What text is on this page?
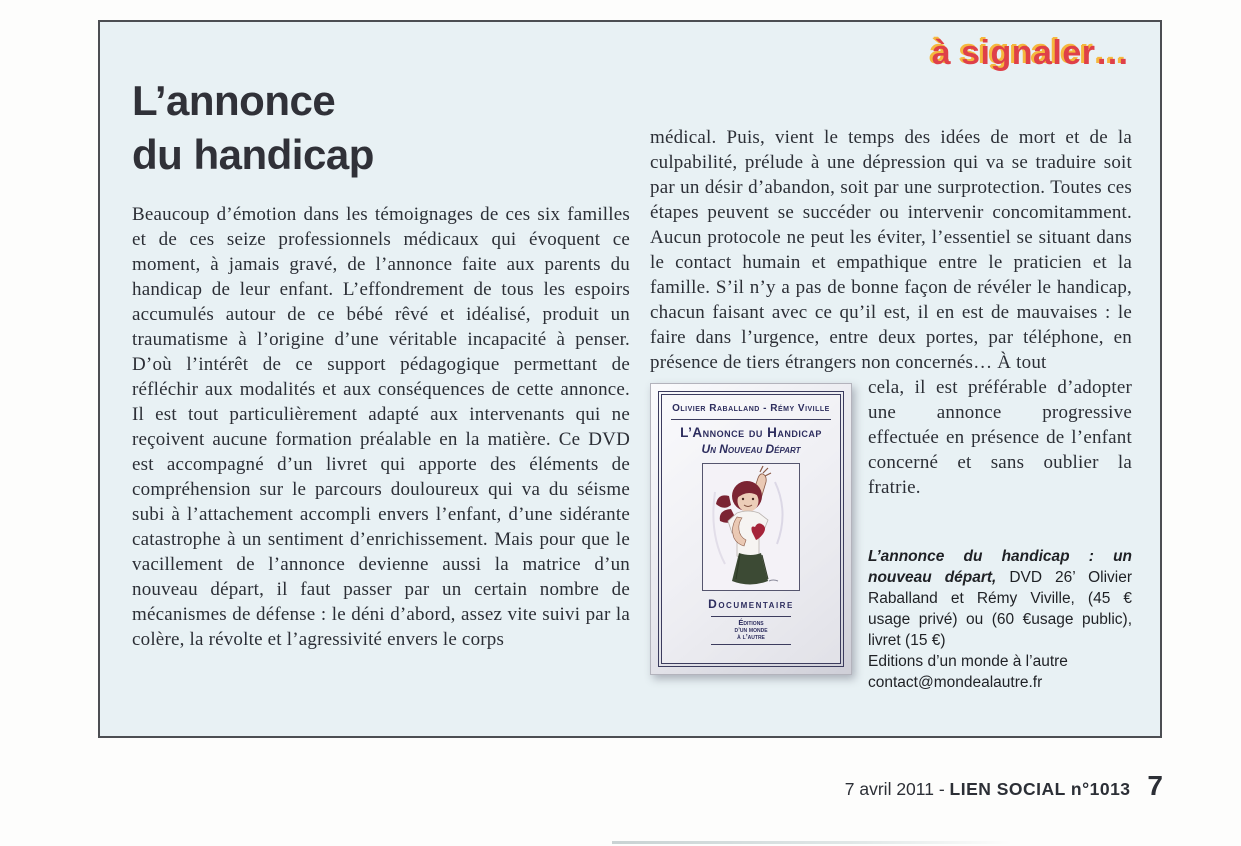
à signaler…
L’annonce
du handicap

Beaucoup d’émotion dans les témoignages de ces six familles et de ces seize professionnels médicaux qui évoquent ce moment, à jamais gravé, de l’annonce faite aux parents du handicap de leur enfant. L’effondrement de tous les espoirs accumulés autour de ce bébé rêvé et idéalisé, produit un traumatisme à l’origine d’une véritable incapacité à penser. D’où l’intérêt de ce support pédagogique permettant de réfléchir aux modalités et aux conséquences de cette annonce. Il est tout particulièrement adapté aux intervenants qui ne reçoivent aucune formation préalable en la matière. Ce DVD est accompagné d’un livret qui apporte des éléments de compréhension sur le parcours douloureux qui va du séisme subi à l’attachement accompli envers l’enfant, d’une sidérante catastrophe à un sentiment d’enrichissement. Mais pour que le vacillement de l’annonce devienne aussi la matrice d’un nouveau départ, il faut passer par un certain nombre de mécanismes de défense : le déni d’abord, assez vite suivi par la colère, la révolte et l’agressivité envers le corps

médical. Puis, vient le temps des idées de mort et de la culpabilité, prélude à une dépression qui va se traduire soit par un désir d’abandon, soit par une surprotection. Toutes ces étapes peuvent se succéder ou intervenir concomitamment. Aucun protocole ne peut les éviter, l’essentiel se situant dans le contact humain et empathique entre le praticien et la famille. S’il n’y a pas de bonne façon de révéler le handicap, chacun faisant avec ce qu’il est, il en est de mauvaises : le faire dans l’urgence, entre deux portes, par téléphone, en présence de tiers étrangers non concernés… À tout

Olivier Raballand - Rémy Viville
L’Annonce du Handicap
Un Nouveau Départ
Documentaire
Éditions
d’un monde
à l’autre

cela, il est préférable d’adopter une annonce progressive effectuée en présence de l’enfant concerné et sans oublier la fratrie.

L’annonce du handicap : un nouveau départ, DVD 26’ Olivier Raballand et Rémy Viville, (45 € usage privé) ou (60 €usage public), livret (15 €)
Editions d’un monde à l’autre
contact@mondealautre.fr
7 avril 2011 - LIEN SOCIAL n°1013 7
